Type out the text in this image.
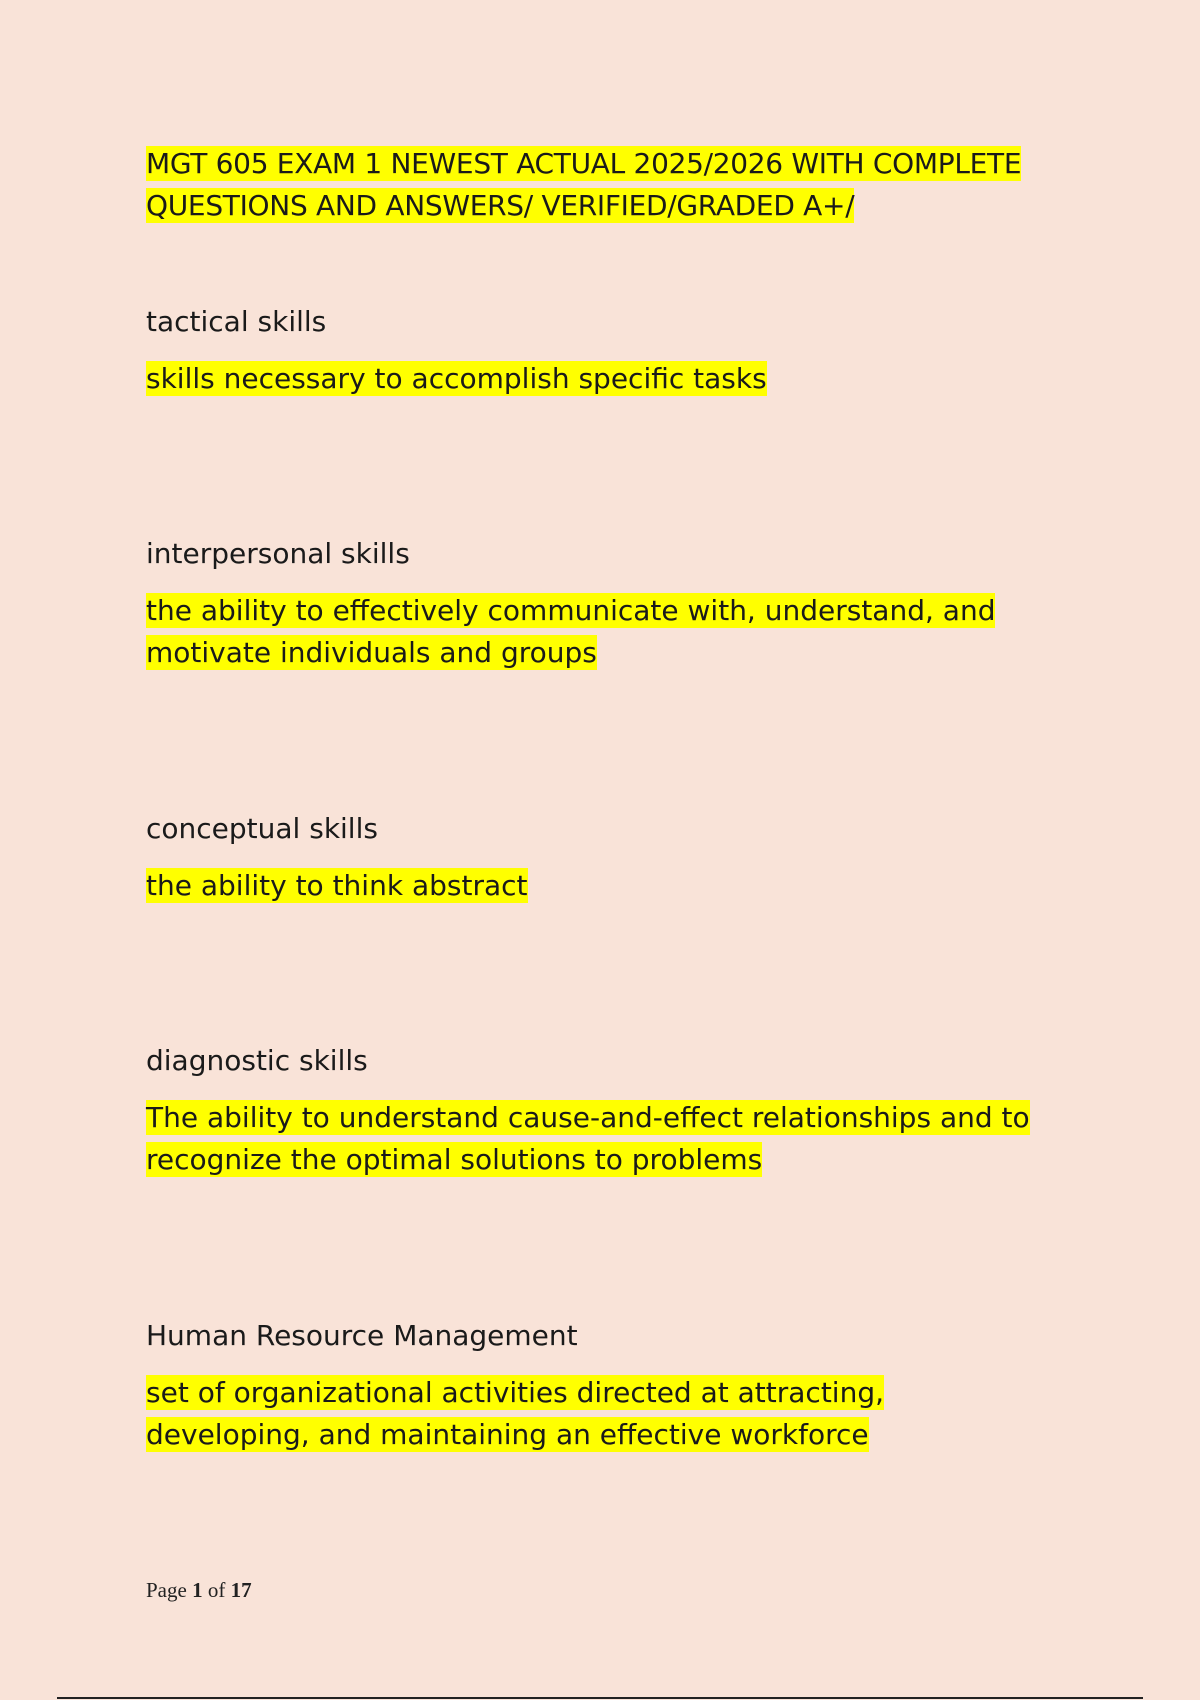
MGT 605 EXAM 1 NEWEST ACTUAL 2025/2026 WITH COMPLETE QUESTIONS AND ANSWERS/ VERIFIED/GRADED A+/

tactical skills

skills necessary to accomplish specific tasks

interpersonal skills

the ability to effectively communicate with, understand, and motivate individuals and groups

conceptual skills

the ability to think abstract

diagnostic skills

The ability to understand cause-and-effect relationships and to recognize the optimal solutions to problems

Human Resource Management

set of organizational activities directed at attracting, developing, and maintaining an effective workforce

Page 1 of 17
